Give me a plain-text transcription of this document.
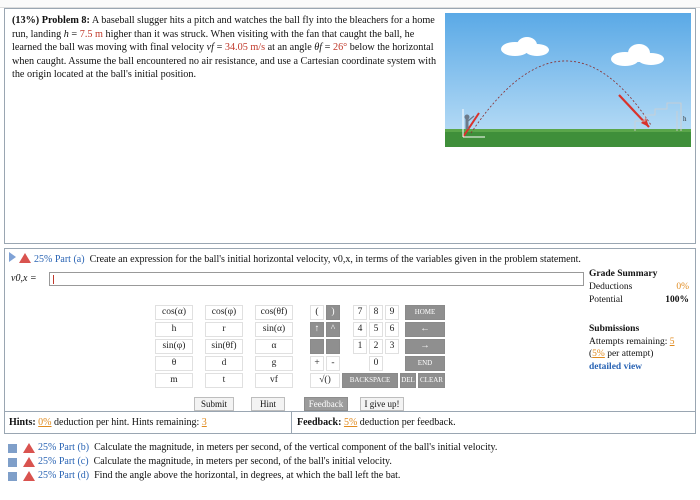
(13%) Problem 8: A baseball slugger hits a pitch and watches the ball fly into the bleachers for a home run, landing h = 7.5 m higher than it was struck. When visiting with the fan that caught the ball, he learned the ball was moving with final velocity vf = 34.05 m/s at an angle θf = 26° below the horizontal when caught. Assume the ball encountered no air resistance, and use a Cartesian coordinate system with the origin located at the ball's initial position.
h
25% Part (a) Create an expression for the ball's initial horizontal velocity, v0,x, in terms of the variables given in the problem statement.
v0,x =
cos(α)	cos(φ)	cos(θf)
h	r	sin(α)
sin(φ)	sin(θf)	α
θ	d	g
m	t	vf
(	)
↑	^
+	-
√()
7	8	9
4	5	6
1	2	3
0
HOME
←
→
END
BACKSPACE	DEL CLEAR
Submit	Hint	Feedback	I give up!
Grade Summary
Deductions	0%
Potential	100%
Submissions
Attempts remaining: 5
(5% per attempt)
detailed view
Hints: 0% deduction per hint. Hints remaining: 3	Feedback: 5% deduction per feedback.
25%
Part (b)
Calculate the magnitude, in meters per second, of the vertical component of the ball's initial velocity.
25%
Part (c)
Calculate the magnitude, in meters per second, of the ball's initial velocity.
25%
Part (d)
Find the angle above the horizontal, in degrees, at which the ball left the bat.
